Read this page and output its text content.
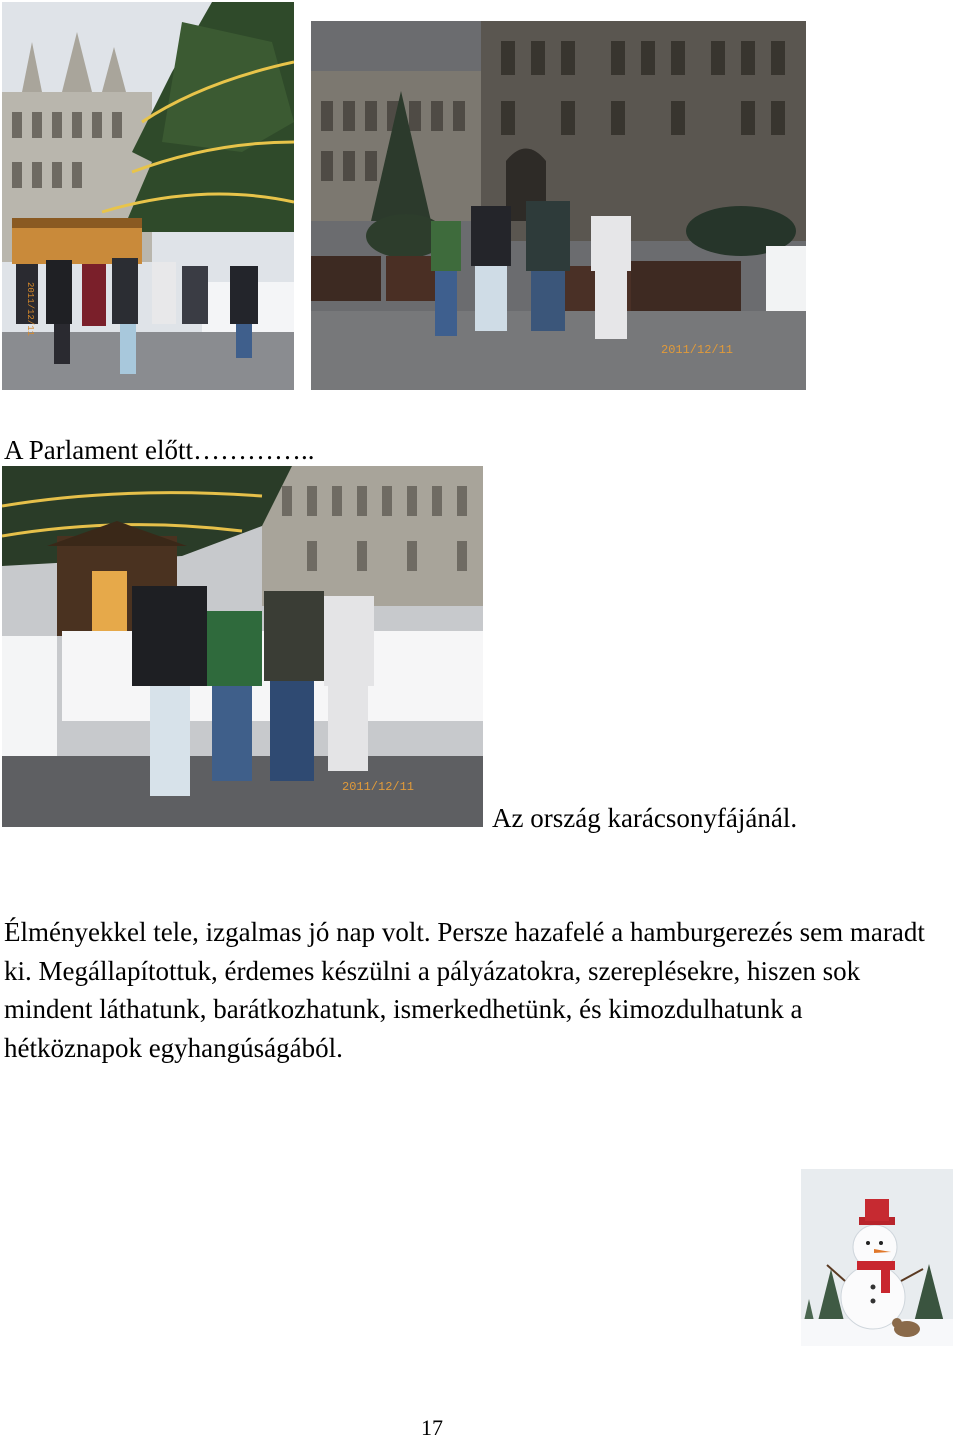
2011/12/11
2011/12/11
A Parlament előtt…………..
2011/12/11
Az ország karácsonyfájánál.

Élményekkel tele, izgalmas jó nap volt. Persze hazafelé a hamburgerezés sem maradt ki. Megállapítottuk, érdemes készülni a pályázatokra, szereplésekre, hiszen sok mindent láthatunk, barátkozhatunk, ismerkedhetünk, és kimozdulhatunk a hétköznapok egyhangúságából.

17
